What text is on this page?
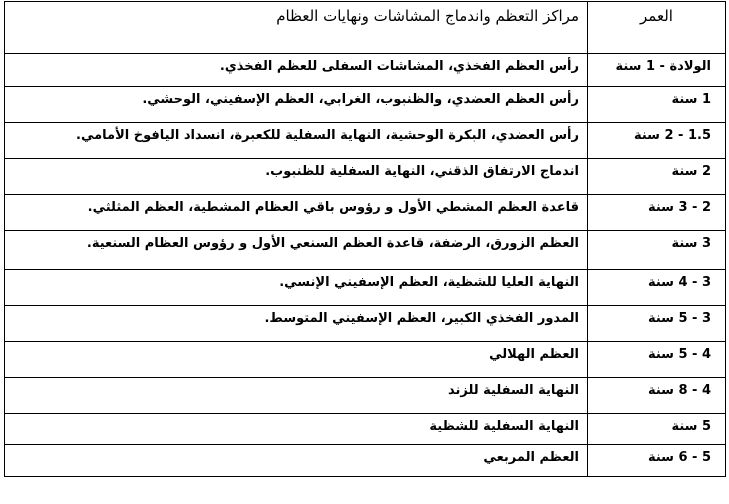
العمر	مراكز التعظم واندماج المشاشات ونهايات العظام
الولادة - 1 سنة	رأس العظم الفخذي، المشاشات السفلى للعظم الفخذي.
1 سنة	رأس العظم العضدي، والظنبوب، الغرابي، العظم الإسفيني، الوحشي.
1.5 - 2 سنة	رأس العضدي، البكرة الوحشية، النهاية السفلية للكعبرة، انسداد اليافوخ الأمامي.
2 سنة	اندماج الارتفاق الذقني، النهاية السفلية للظنبوب.
2 - 3 سنة	قاعدة العظم المشطي الأول و رؤوس باقي العظام المشطية، العظم المثلثي.
3 سنة	العظم الزورق، الرضفة، قاعدة العظم السنعي الأول و رؤوس العظام السنعية.
3 - 4 سنة	النهاية العليا للشظية، العظم الإسفيني الإنسي.
3 - 5 سنة	المدور الفخذي الكبير، العظم الإسفيني المتوسط.
4 - 5 سنة	العظم الهلالي
4 - 8 سنة	النهاية السفلية للزند
5 سنة	النهاية السفلية للشظية
5 - 6 سنة	العظم المربعي
